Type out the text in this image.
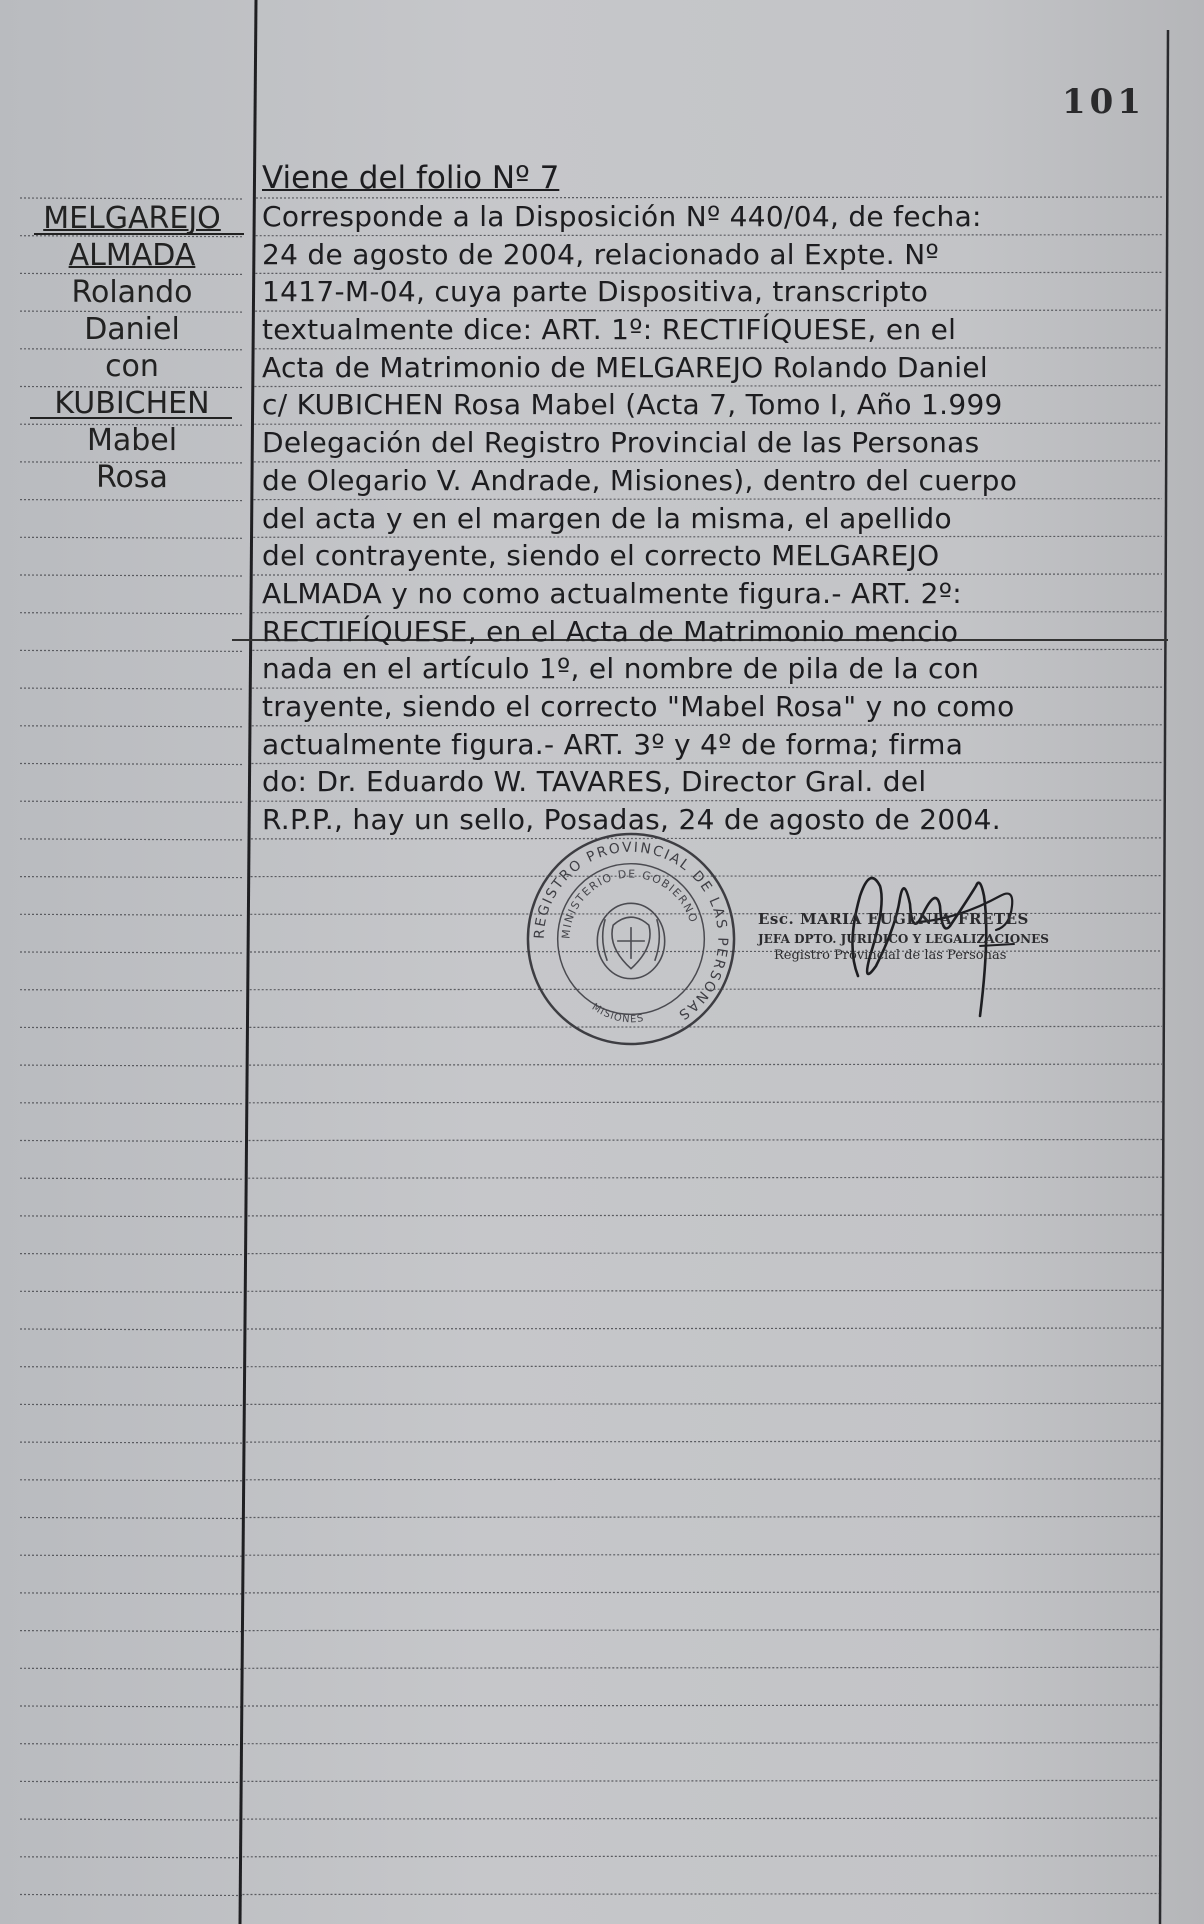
101
MELGAREJO
ALMADA
Rolando
Daniel
con
KUBICHEN
Mabel
Rosa
Viene del folio Nº 7
Corresponde a la Disposición Nº 440/04, de fecha:
24 de agosto de 2004, relacionado al Expte. Nº
1417-M-04, cuya parte Dispositiva, transcripto
textualmente dice: ART. 1º: RECTIFÍQUESE, en el
Acta de Matrimonio de MELGAREJO Rolando Daniel
c/ KUBICHEN Rosa Mabel (Acta 7, Tomo I, Año 1.999
Delegación del Registro Provincial de las Personas
de Olegario V. Andrade, Misiones), dentro del cuerpo
del acta y en el margen de la misma, el apellido
del contrayente, siendo el correcto MELGAREJO
ALMADA y no como actualmente figura.- ART. 2º:
RECTIFÍQUESE, en el Acta de Matrimonio mencio
nada en el artículo 1º, el nombre de pila de la con
trayente, siendo el correcto "Mabel Rosa" y no como
actualmente figura.- ART. 3º y 4º de forma; firma
do: Dr. Eduardo W. TAVARES, Director Gral. del
R.P.P., hay un sello, Posadas, 24 de agosto de 2004.
REGISTRO PROVINCIAL DE LAS PERSONAS
MINISTERIO DE GOBIERNO
MISIONES
Esc. MARIA EUGENIA FRETES
JEFA DPTO. JURIDICO Y LEGALIZACIONES
Registro Provincial de las Personas
